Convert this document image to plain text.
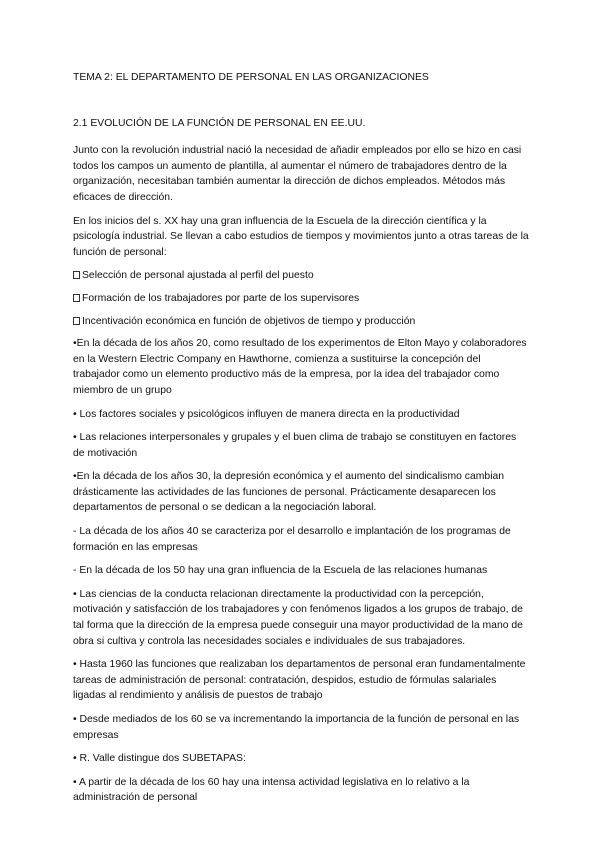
TEMA 2: EL DEPARTAMENTO DE PERSONAL EN LAS ORGANIZACIONES

2.1 EVOLUCIÓN DE LA FUNCIÓN DE PERSONAL EN EE.UU.

Junto con la revolución industrial nació la necesidad de añadir empleados por ello se hizo en casi todos los campos un aumento de plantilla, al aumentar el número de trabajadores dentro de la organización, necesitaban también aumentar la dirección de dichos empleados. Métodos más eficaces de dirección.

En los inicios del s. XX hay una gran influencia de la Escuela de la dirección científica y la psicología industrial. Se llevan a cabo estudios de tiempos y movimientos junto a otras tareas de la función de personal:

Selección de personal ajustada al perfil del puesto

Formación de los trabajadores por parte de los supervisores

Incentivación económica en función de objetivos de tiempo y producción

•En la década de los años 20, como resultado de los experimentos de Elton Mayo y colaboradores en la Western Electric Company en Hawthorne, comienza a sustituirse la concepción del trabajador como un elemento productivo más de la empresa, por la idea del trabajador como miembro de un grupo

• Los factores sociales y psicológicos influyen de manera directa en la productividad

• Las relaciones interpersonales y grupales y el buen clima de trabajo se constituyen en factores de motivación

•En la década de los años 30, la depresión económica y el aumento del sindicalismo cambian drásticamente las actividades de las funciones de personal. Prácticamente desaparecen los departamentos de personal o se dedican a la negociación laboral.

- La década de los años 40 se caracteriza por el desarrollo e implantación de los programas de formación en las empresas

- En la década de los 50 hay una gran influencia de la Escuela de las relaciones humanas

• Las ciencias de la conducta relacionan directamente la productividad con la percepción, motivación y satisfacción de los trabajadores y con fenómenos ligados a los grupos de trabajo, de tal forma que la dirección de la empresa puede conseguir una mayor productividad de la mano de obra si cultiva y controla las necesidades sociales e individuales de sus trabajadores.

• Hasta 1960 las funciones que realizaban los departamentos de personal eran fundamentalmente tareas de administración de personal: contratación, despidos, estudio de fórmulas salariales ligadas al rendimiento y análisis de puestos de trabajo

• Desde mediados de los 60 se va incrementando la importancia de la función de personal en las empresas

• R. Valle distingue dos SUBETAPAS:

• A partir de la década de los 60 hay una intensa actividad legislativa en lo relativo a la administración de personal
